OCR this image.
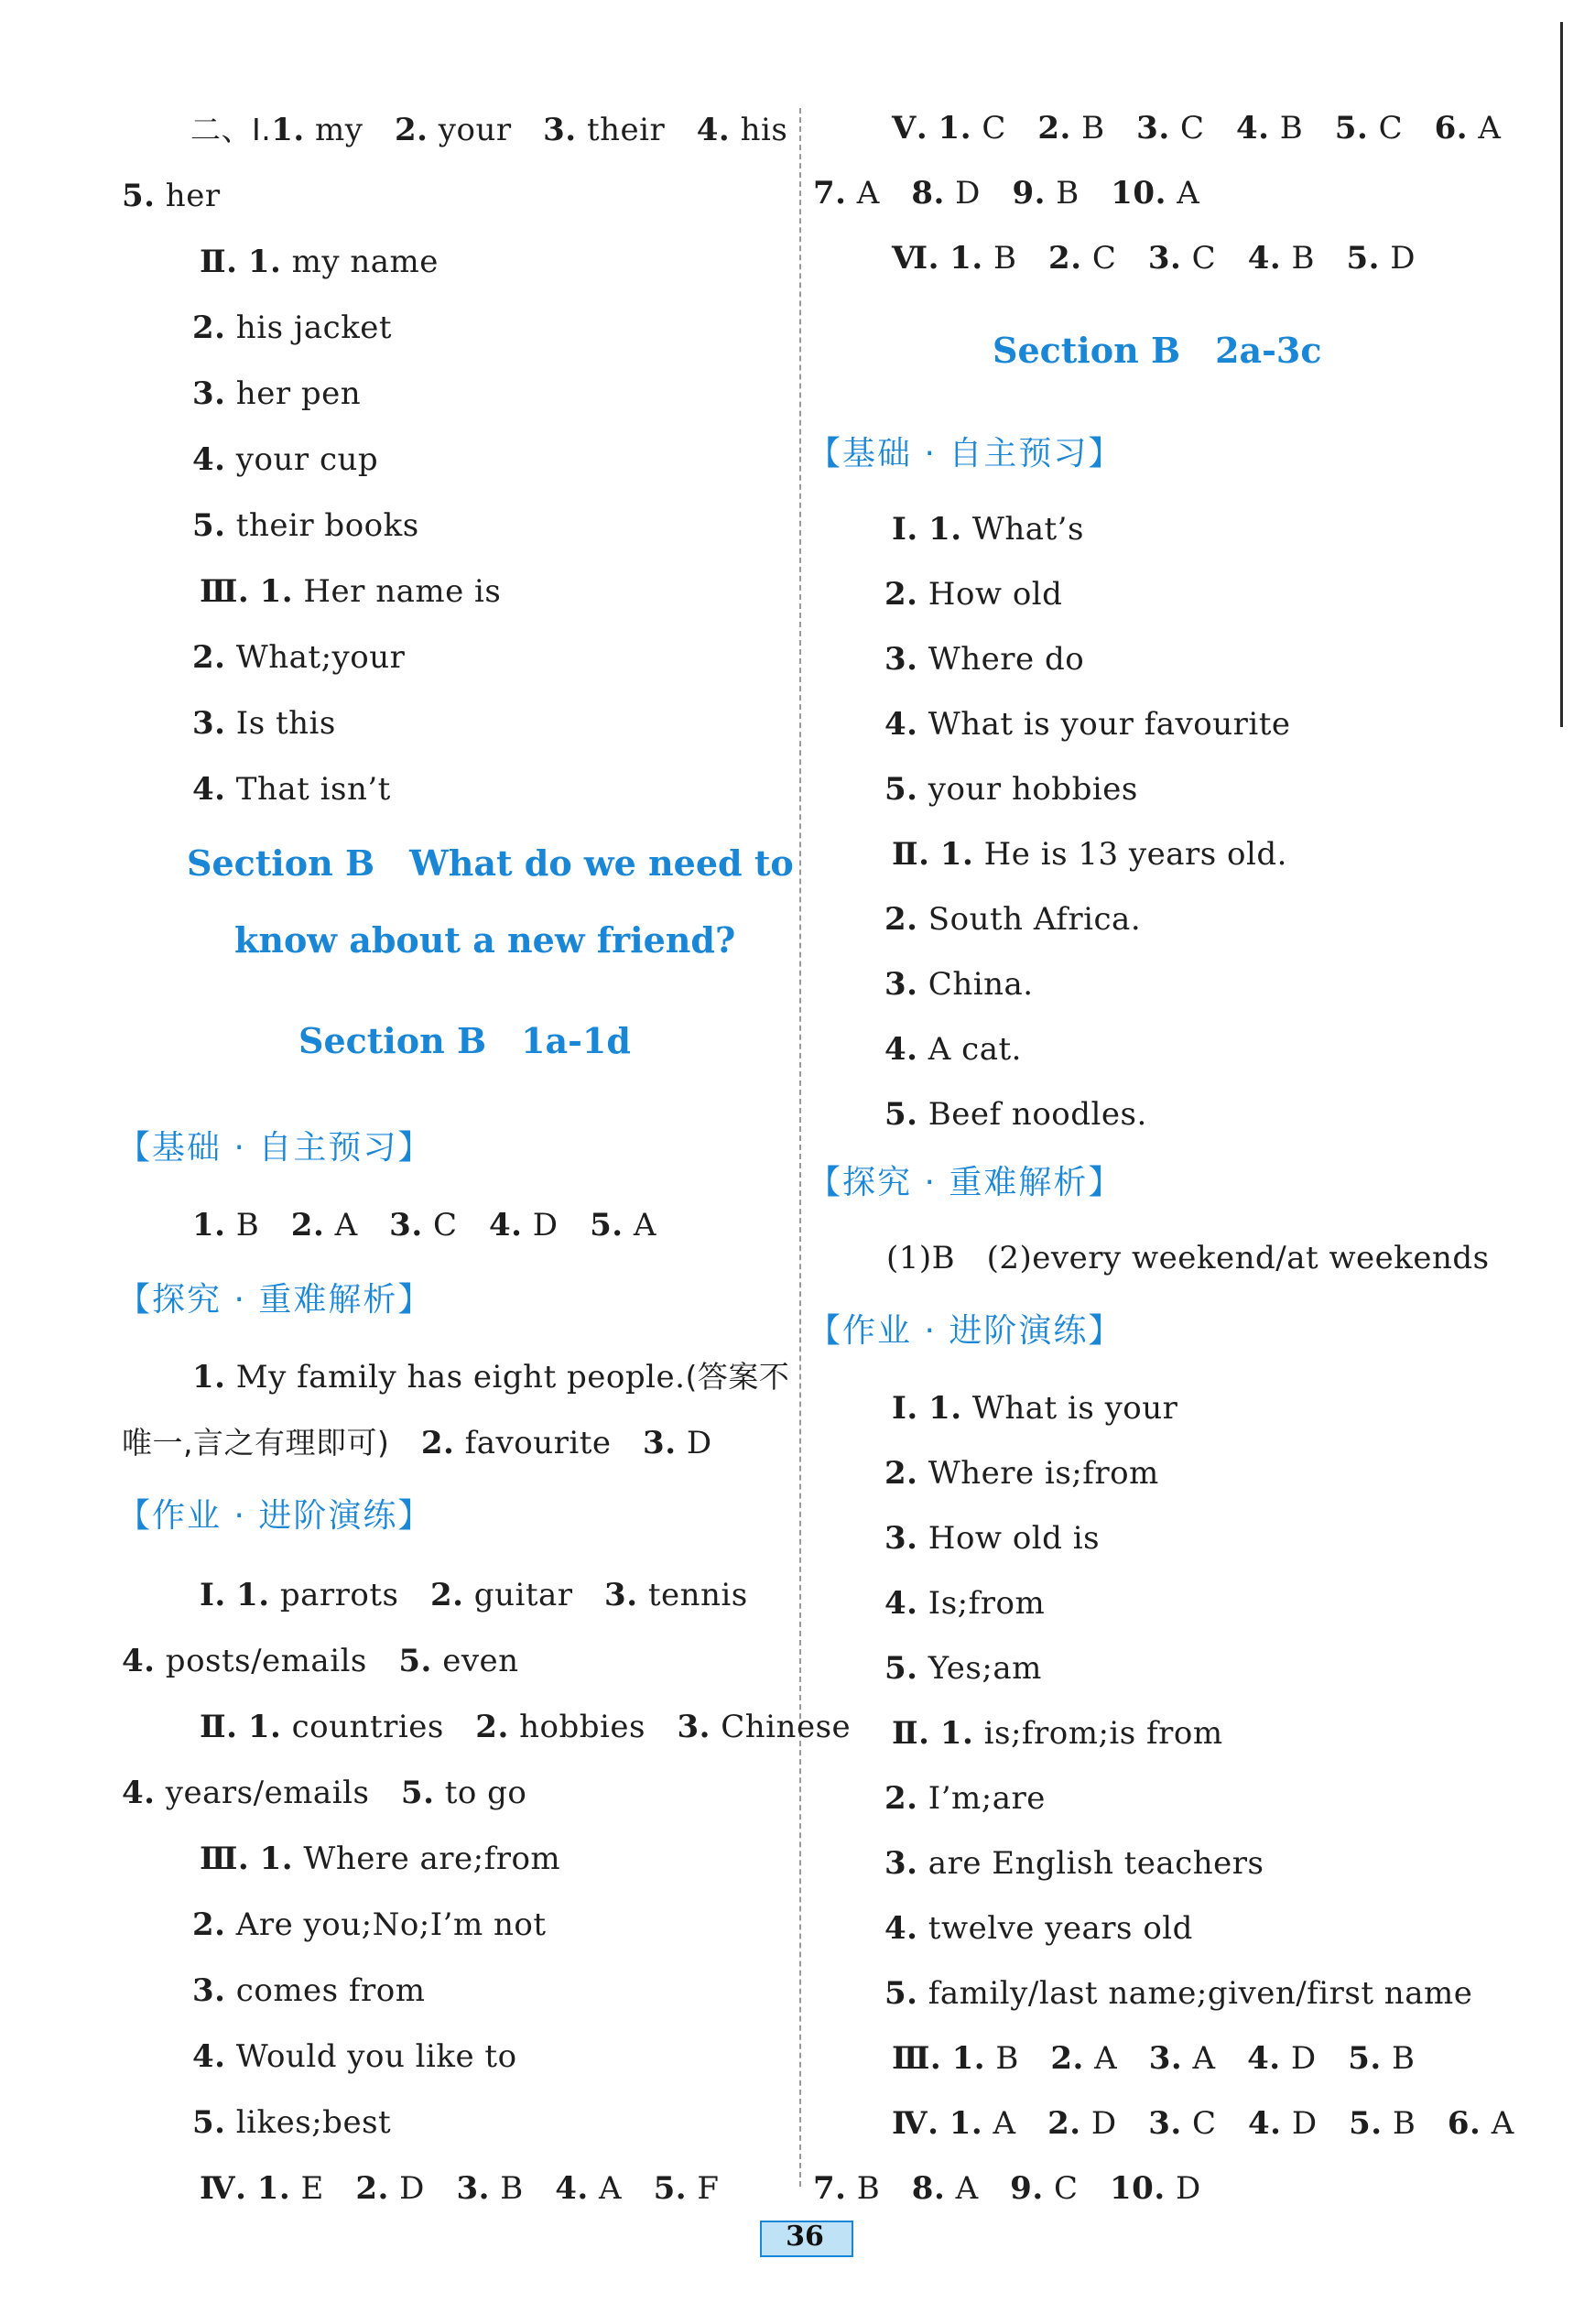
二、Ⅰ.1. my　 2. your　 3. their　 4. his
5. her
Ⅱ. 1. my name
2. his jacket
3. her pen
4. your cup
5. their books
Ⅲ. 1. Her name is
2. What;your
3. Is this
4. That isn’t
Section B　What do we need to
know about a new friend?
Section B　1a-1d
【基础 · 自主预习】
1. B　 2. A　 3. C　 4. D　 5. A
【探究 · 重难解析】
1. My family has eight people.(答案不
唯一,言之有理即可)　 2. favourite　 3. D
【作业 · 进阶演练】
Ⅰ. 1. parrots　 2. guitar　 3. tennis
4. posts/emails　 5. even
Ⅱ. 1. countries　 2. hobbies　 3. Chinese
4. years/emails　 5. to go
Ⅲ. 1. Where are;from
2. Are you;No;I’m not
3. comes from
4. Would you like to
5. likes;best
Ⅳ. 1. E　 2. D　 3. B　 4. A　 5. F
Ⅴ. 1. C　 2. B　 3. C　 4. B　 5. C　 6. A
7. A　 8. D　 9. B　 10. A
Ⅵ. 1. B　 2. C　 3. C　 4. B　 5. D
Section B　2a-3c
【基础 · 自主预习】
Ⅰ. 1. What’s
2. How old
3. Where do
4. What is your favourite
5. your hobbies
Ⅱ. 1. He is 13 years old.
2. South Africa.
3. China.
4. A cat.
5. Beef noodles.
【探究 · 重难解析】
(1)B　(2)every weekend/at weekends
【作业 · 进阶演练】
Ⅰ. 1. What is your
2. Where is;from
3. How old is
4. Is;from
5. Yes;am
Ⅱ. 1. is;from;is from
2. I’m;are
3. are English teachers
4. twelve years old
5. family/last name;given/first name
Ⅲ. 1. B　 2. A　 3. A　 4. D　 5. B
Ⅳ. 1. A　 2. D　 3. C　 4. D　 5. B　 6. A
7. B　 8. A　 9. C　 10. D
36
